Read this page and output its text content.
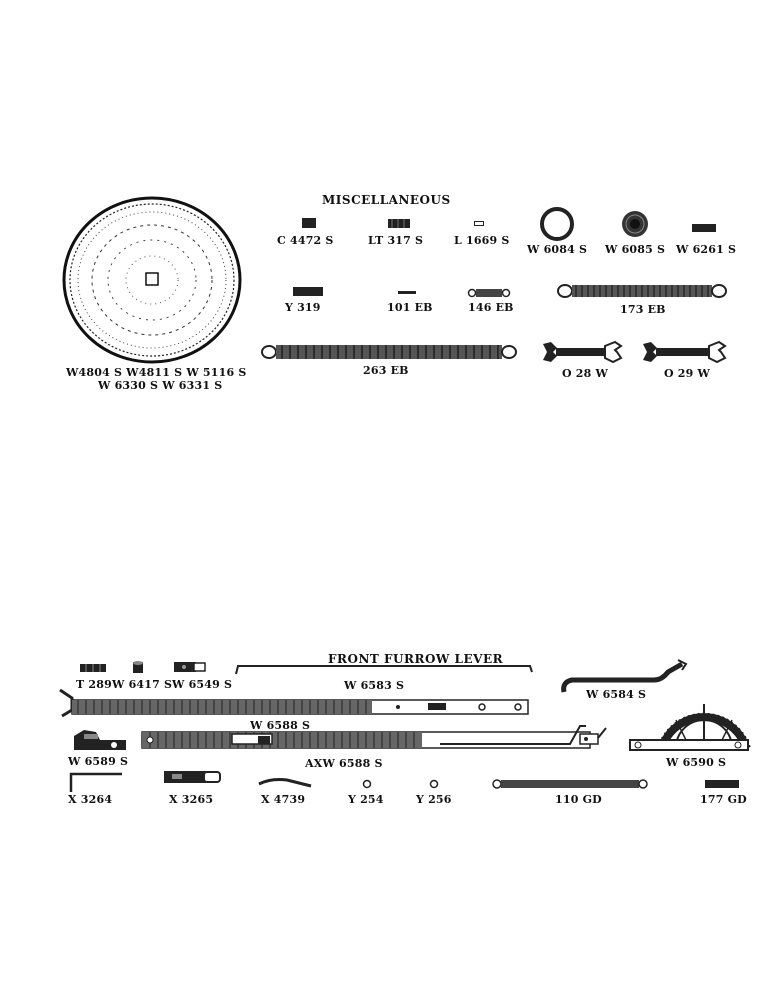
MISCELLANEOUS
W4804 S W4811 S W 5116 S
W 6330 S W 6331 S
C 4472 S	LT 317 S	L 1669 S
W 6084 S W 6085 S W 6261 S
Y 319	101 EB	146 EB	173 EB
263 EB	O 28 W	O 29 W
FRONT FURROW LEVER
T 289 W 6417 S W 6549 S	W 6583 S
W 6584 S
W 6588 S
AXW 6588 S
W 6589 S	W 6590 S
X 3264	X 3265	X 4739	Y 254	Y 256	110 GD	177 GD
